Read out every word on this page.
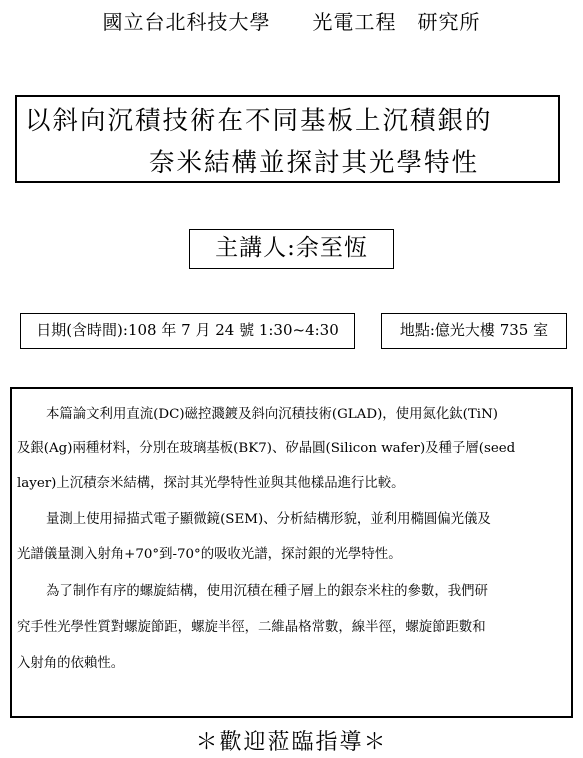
國立台北科技大學　　光電工程　研究所
以斜向沉積技術在不同基板上沉積銀的
奈米結構並探討其光學特性
主講人:余至恆
日期(含時間):108 年 7 月 24 號 1:30~4:30	地點:億光大樓 735 室
本篇論文利用直流(DC)磁控濺鍍及斜向沉積技術(GLAD)，使用氮化鈦(TiN)
及銀(Ag)兩種材料，分別在玻璃基板(BK7)、矽晶圓(Silicon wafer)及種子層(seed
layer)上沉積奈米結構，探討其光學特性並與其他樣品進行比較。
量測上使用掃描式電子顯微鏡(SEM)、分析結構形貌，並利用橢圓偏光儀及
光譜儀量測入射角+70°到-70°的吸收光譜，探討銀的光學特性。
為了制作有序的螺旋結構，使用沉積在種子層上的銀奈米柱的參數，我們研
究手性光學性質對螺旋節距，螺旋半徑，二維晶格常數，線半徑，螺旋節距數和
入射角的依賴性。
＊歡迎蒞臨指導＊
